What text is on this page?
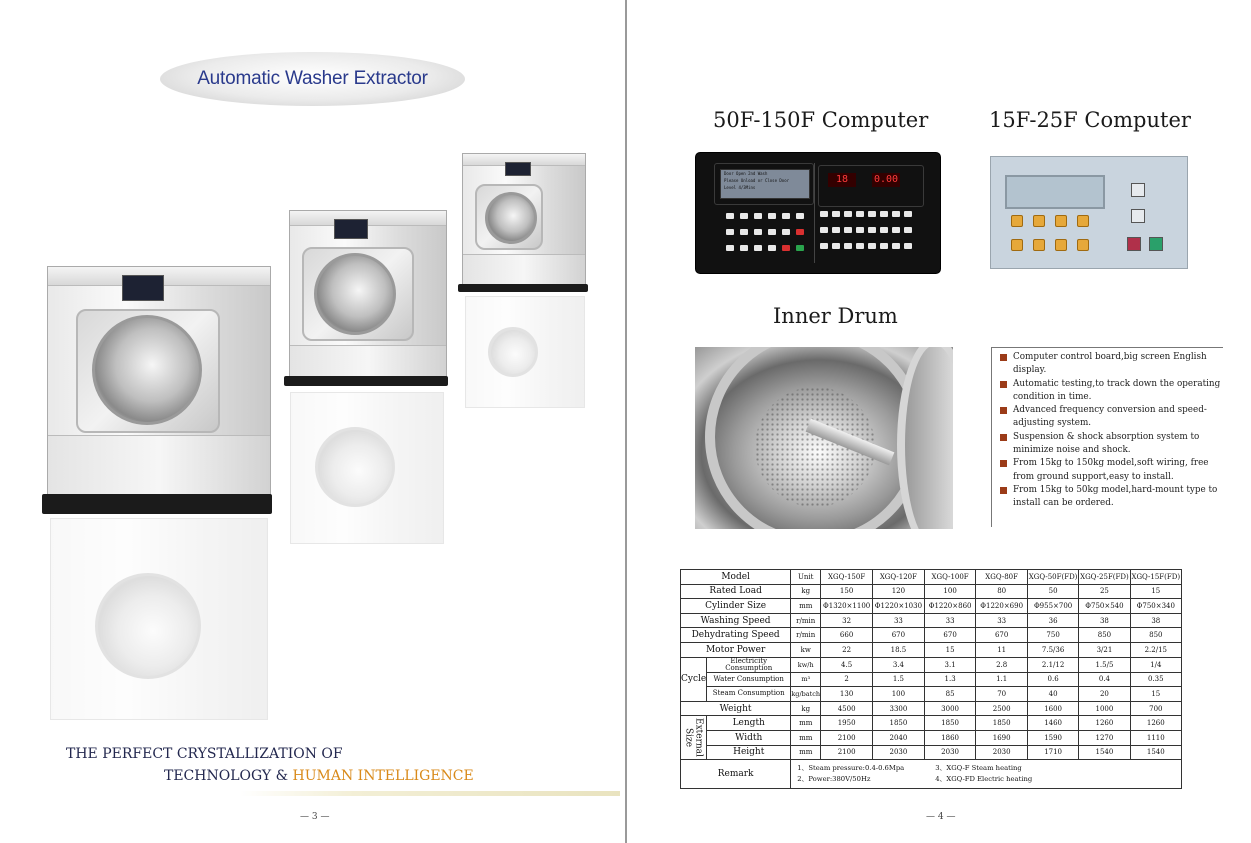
Automatic Washer Extractor
THE PERFECT CRYSTALLIZATION OF
TECHNOLOGY & HUMAN INTELLIGENCE
— 3 —
50F-150F Computer	15F-25F Computer
Door Open 2nd Wash
Please Unload or Close Door
Level 4/3Mins
18	0.00
Inner Drum
Computer control board,big screen English display.
Automatic testing,to track down the operating condition in time.
Advanced frequency conversion and speed-adjusting system.
Suspension & shock absorption system to minimize noise and shock.
From 15kg to 150kg model,soft wiring, free from ground support,easy to install.
From 15kg to 50kg model,hard-mount type to install can be ordered.
Model		Unit	XGQ-150F	XGQ-120F	XGQ-100F	XGQ-80F	XGQ-50F(FD)	XGQ-25F(FD)	XGQ-15F(FD)
Rated Load		kg	150	120	100	80	50	25	15
Cylinder Size		mm	Φ1320×1100	Φ1220×1030	Φ1220×860	Φ1220×690	Φ955×700	Φ750×540	Φ750×340
Washing Speed		r/min	32	33	33	33	36	38	38
Dehydrating Speed		r/min	660	670	670	670	750	850	850
Motor Power		kw	22	18.5	15	11	7.5/36	3/21	2.2/15
Cycle	Electricity Consumption	kw/h	4.5	3.4	3.1	2.8	2.1/12	1.5/5	1/4
	Water Consumption	m³	2	1.5	1.3	1.1	0.6	0.4	0.35
	Steam Consumption	kg/batch	130	100	85	70	40	20	15
Weight		kg	4500	3300	3000	2500	1600	1000	700
External Size	Length	mm	1950	1850	1850	1850	1460	1260	1260
	Width	mm	2100	2040	1860	1690	1590	1270	1110
	Height	mm	2100	2030	2030	2030	1710	1540	1540
Remark		1、Steam pressure:0.4-0.6Mpa 3、XGQ-F Steam heating
2、Power:380V/50Hz 4、XGQ-FD Electric heating							
— 4 —
